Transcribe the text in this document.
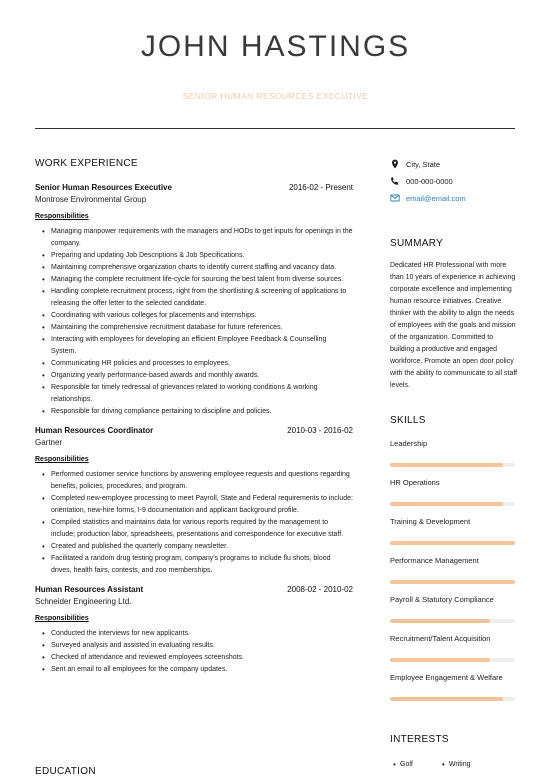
JOHN HASTINGS
SENIOR HUMAN RESOURCES EXECUTIVE
WORK EXPERIENCE
Senior Human Resources Executive	2016-02 - Present
Montrose Environmental Group
Responsibilities
• Managing manpower requirements with the managers and HODs to get inputs for openings in the company.
• Preparing and updating Job Descriptions & Job Specifications.
• Maintaining comprehensive organization charts to identify current staffing and vacancy data.
• Managing the complete recruitment life-cycle for sourcing the best talent from diverse sources.
• Handling complete recruitment process, right from the shortlisting & screening of applications to releasing the offer letter to the selected candidate.
• Coordinating with various colleges for placements and internships.
• Maintaining the comprehensive recruitment database for future references.
• Interacting with employees for developing an efficient Employee Feedback & Counselling System.
• Communicating HR policies and processes to employees.
• Organizing yearly performance-based awards and monthly awards.
• Responsible for timely redressal of grievances related to working conditions & working relationships.
• Responsible for driving compliance pertaining to discipline and policies.
Human Resources Coordinator	2010-03 - 2016-02
Gartner
Responsibilities
• Performed customer service functions by answering employee requests and questions regarding benefits, policies, procedures, and program.
• Completed new-employee processing to meet Payroll, State and Federal requirements to include: orientation, new-hire forms, I-9 documentation and applicant background profile.
• Compiled statistics and maintains data for various reports required by the management to include; production labor, spreadsheets, presentations and correspondence for executive staff.
• Created and published the quarterly company newsletter.
• Facilitated a random drug testing program, company's programs to include flu shots, blood drives, health fairs, contests, and zoo memberships.
Human Resources Assistant	2008-02 - 2010-02
Schneider Engineering Ltd.
Responsibilities
• Conducted the interviews for new applicants.
• Surveyed analysis and assisted in evaluating results.
• Checked of attendance and reviewed employees screenshots.
• Sent an email to all employees for the company updates.
EDUCATION
City, State
000-000-0000
email@email.com
SUMMARY
Dedicated HR Professional with more than 10 years of experience in achieving corporate excellence and implementing human resource initiatives. Creative thinker with the ability to align the needs of employees with the goals and mission of the organization. Committed to building a productive and engaged workforce. Promote an open door policy with the ability to communicate to all staff levels.
SKILLS
Leadership
HR Operations
Training & Development
Performance Management
Payroll & Statutory Compliance
Recruitment/Talent Acquisition
Employee Engagement & Welfare
INTERESTS
• Golf
•	Writing
